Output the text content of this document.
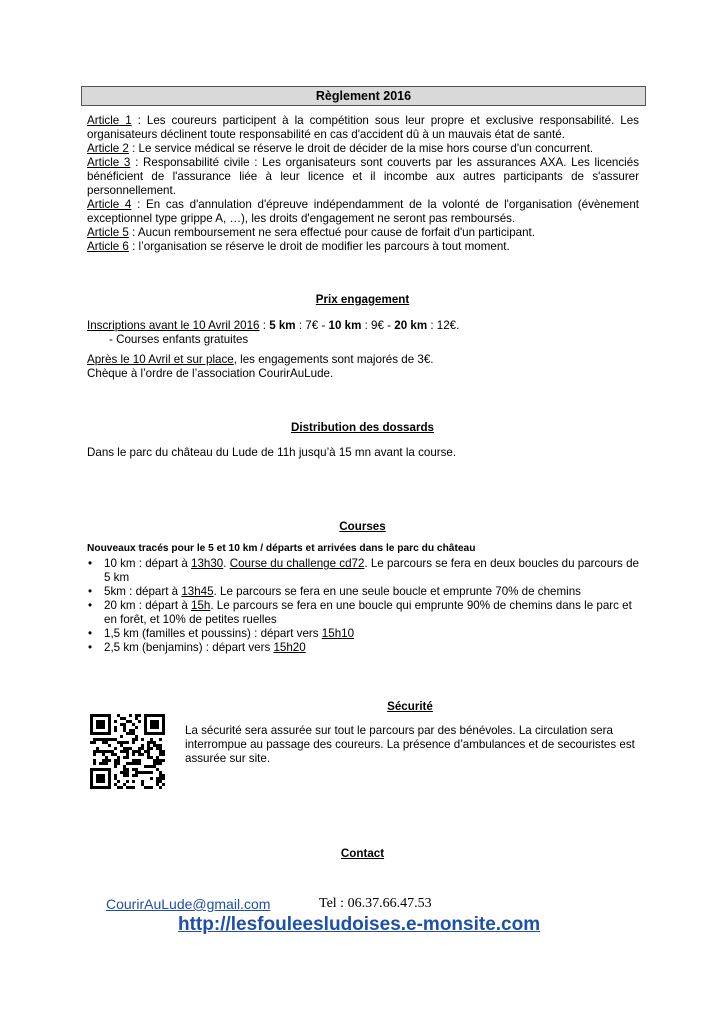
Règlement 2016

Article 1 : Les coureurs participent à la compétition sous leur propre et exclusive responsabilité. Les organisateurs déclinent toute responsabilité en cas d'accident dû à un mauvais état de santé.

Article 2 : Le service médical se réserve le droit de décider de la mise hors course d'un concurrent.

Article 3 : Responsabilité civile : Les organisateurs sont couverts par les assurances AXA. Les licenciés bénéficient de l'assurance liée à leur licence et il incombe aux autres participants de s'assurer personnellement.

Article 4 : En cas d'annulation d'épreuve indépendamment de la volonté de l'organisation (évènement exceptionnel type grippe A, …), les droits d'engagement ne seront pas remboursés.

Article 5 : Aucun remboursement ne sera effectué pour cause de forfait d'un participant.

Article 6 : l’organisation se réserve le droit de modifier les parcours à tout moment.

Prix engagement

Inscriptions avant le 10 Avril 2016 : 5 km : 7€ - 10 km : 9€ - 20 km : 12€.

- Courses enfants gratuites

Après le 10 Avril et sur place, les engagements sont majorés de 3€.

Chèque à l’ordre de l’association CourirAuLude.

Distribution des dossards
Dans le parc du château du Lude de 11h jusqu’à 15 mn avant la course.
Courses
Nouveaux tracés pour le 5 et 10 km / départs et arrivées dans le parc du château
• 10 km : départ à 13h30. Course du challenge cd72. Le parcours se fera en deux boucles du parcours de 5 km
• 5km : départ à 13h45. Le parcours se fera en une seule boucle et emprunte 70% de chemins
• 20 km : départ à 15h. Le parcours se fera en une boucle qui emprunte 90% de chemins dans le parc et en forêt, et 10% de petites ruelles
• 1,5 km (familles et poussins) : départ vers 15h10
• 2,5 km (benjamins) : départ vers 15h20
Sécurité
La sécurité sera assurée sur tout le parcours par des bénévoles. La circulation sera interrompue au passage des coureurs. La présence d’ambulances et de secouristes est assurée sur site.
Contact
CourirAuLude@gmail.com	Tel : 06.37.66.47.53
http://lesfouleesludoises.e-monsite.com
